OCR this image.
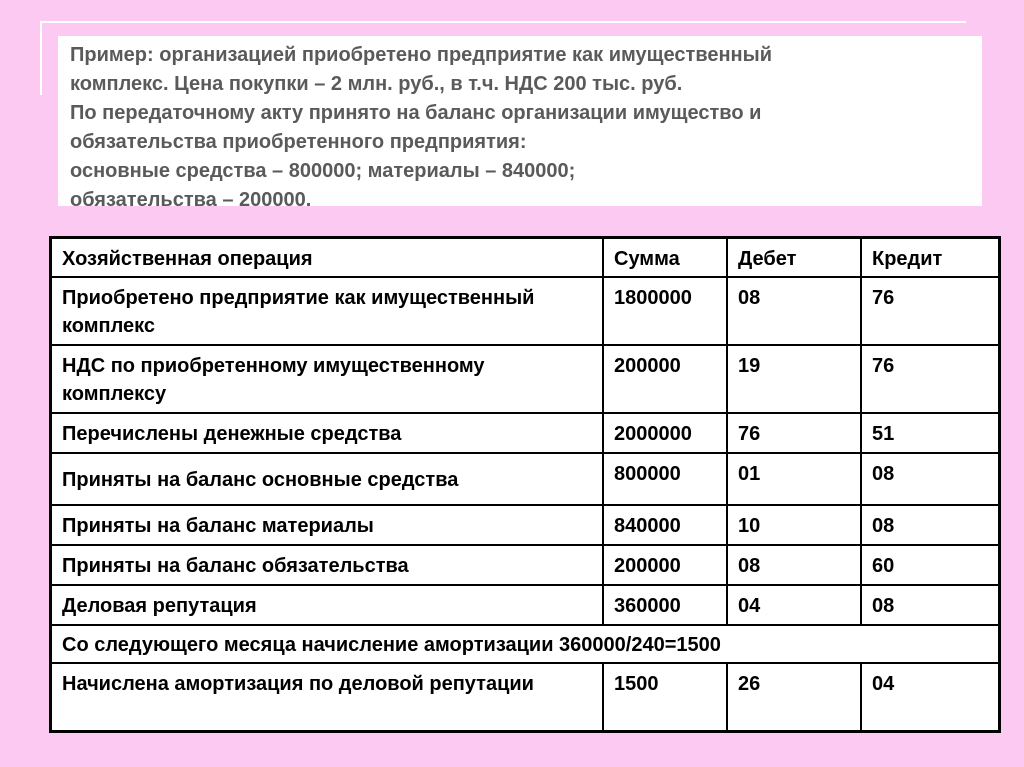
Пример: организацией приобретено предприятие как имущественный
комплекс. Цена покупки – 2 млн. руб., в т.ч. НДС 200 тыс. руб.
По передаточному акту принято на баланс организации имущество и
обязательства приобретенного предприятия:
основные средства – 800000; материалы – 840000;
обязательства – 200000.
Хозяйственная операция	Сумма	Дебет	Кредит
Приобретено предприятие как имущественный комплекс	1800000	08	76
НДС по приобретенному имущественному комплексу	200000	19	76
Перечислены денежные средства	2000000	76	51
Приняты на баланс основные средства	800000	01	08
Приняты на баланс материалы	840000	10	08
Приняты на баланс обязательства	200000	08	60
Деловая репутация	360000	04	08
Со следующего месяца начисление амортизации 360000/240=1500			
Начислена амортизация по деловой репутации	1500	26	04
